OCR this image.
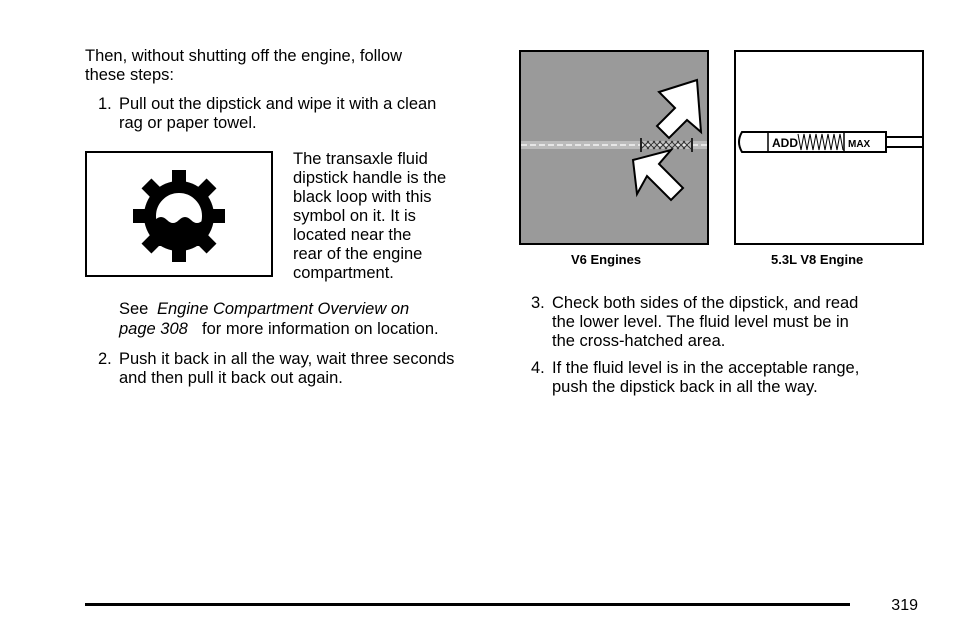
Then, without shutting off the engine, follow

these steps:

1. Pull out the dipstick and wipe it with a clean

rag or paper towel.

The transaxle fluid

dipstick handle is the

black loop with this

symbol on it. It is

located near the

rear of the engine

compartment.

See Engine Compartment Overview on

page 308 for more information on location.

2. Push it back in all the way, wait three seconds

and then pull it back out again.

V6 Engines
ADD	MAX
5.3L V8 Engine

3. Check both sides of the dipstick, and read

the lower level. The fluid level must be in

the cross-hatched area.

4. If the fluid level is in the acceptable range,

push the dipstick back in all the way.

319
